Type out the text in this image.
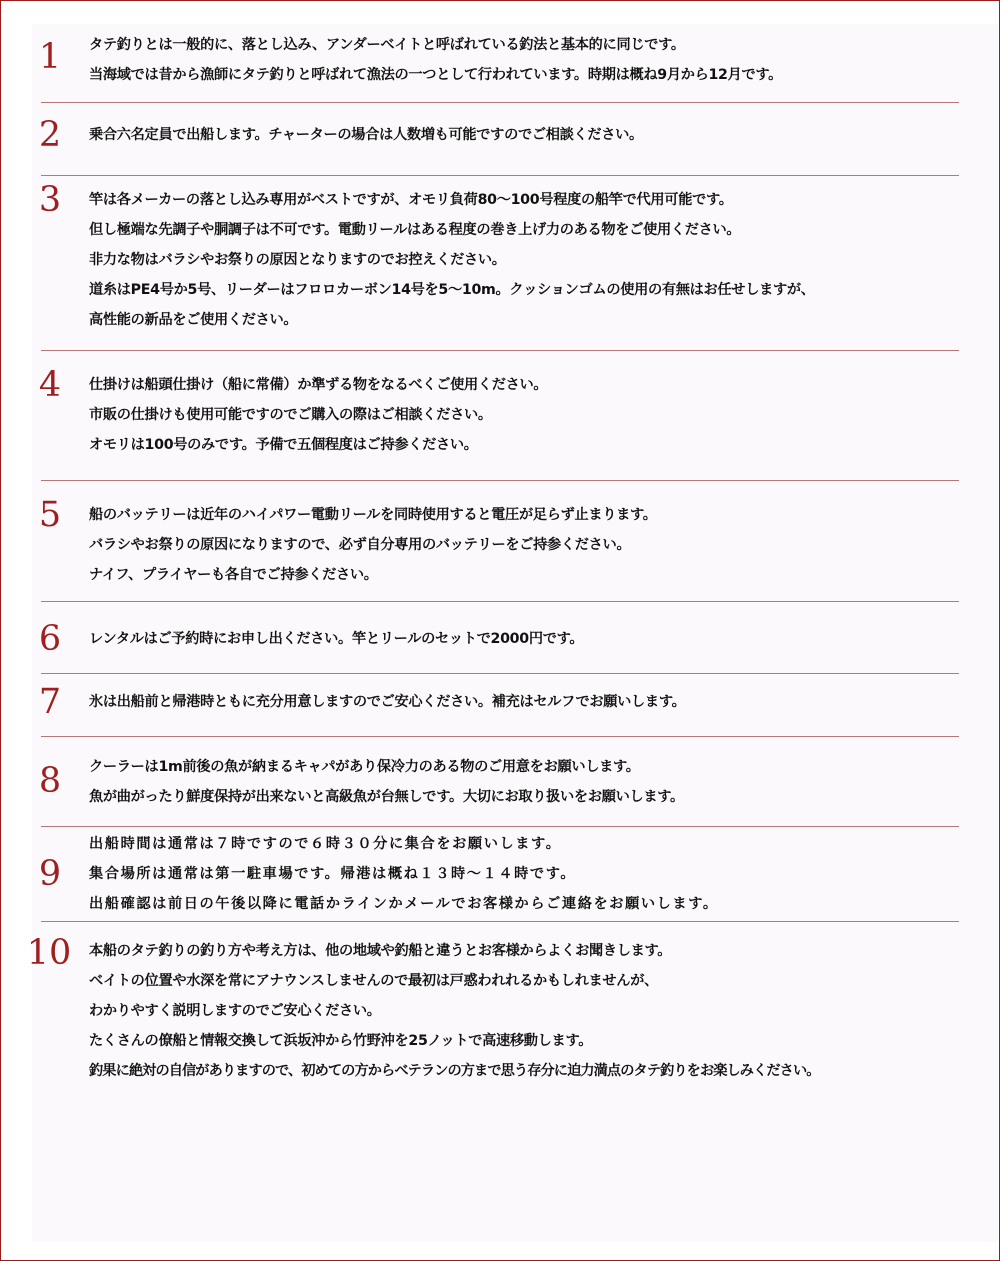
1	タテ釣りとは一般的に、落とし込み、アンダーベイトと呼ばれている釣法と基本的に同じです。
当海域では昔から漁師にタテ釣りと呼ばれて漁法の一つとして行われています。時期は概ね9月から12月です。
2	乗合六名定員で出船します。チャーターの場合は人数増も可能ですのでご相談ください。
3	竿は各メーカーの落とし込み専用がベストですが、オモリ負荷80～100号程度の船竿で代用可能です。
但し極端な先調子や胴調子は不可です。電動リールはある程度の巻き上げ力のある物をご使用ください。
非力な物はバラシやお祭りの原因となりますのでお控えください。
道糸はPE4号か5号、リーダーはフロロカーボン14号を5～10m。クッションゴムの使用の有無はお任せしますが、
高性能の新品をご使用ください。
4	仕掛けは船頭仕掛け（船に常備）か準ずる物をなるべくご使用ください。
市販の仕掛けも使用可能ですのでご購入の際はご相談ください。
オモリは100号のみです。予備で五個程度はご持参ください。
5	船のバッテリーは近年のハイパワー電動リールを同時使用すると電圧が足らず止まります。
バラシやお祭りの原因になりますので、必ず自分専用のバッテリーをご持参ください。
ナイフ、プライヤーも各自でご持参ください。
6	レンタルはご予約時にお申し出ください。竿とリールのセットで2000円です。
7	氷は出船前と帰港時ともに充分用意しますのでご安心ください。補充はセルフでお願いします。
8	クーラーは1m前後の魚が納まるキャパがあり保冷力のある物のご用意をお願いします。
魚が曲がったり鮮度保持が出来ないと高級魚が台無しです。大切にお取り扱いをお願いします。
9
出船時間は通常は７時ですので６時３０分に集合をお願いします。
集合場所は通常は第一駐車場です。帰港は概ね１３時～１４時です。
出船確認は前日の午後以降に電話かラインかメールでお客様からご連絡をお願いします。
10	本船のタテ釣りの釣り方や考え方は、他の地域や釣船と違うとお客様からよくお聞きします。
ベイトの位置や水深を常にアナウンスしませんので最初は戸惑われれるかもしれませんが、
わかりやすく説明しますのでご安心ください。
たくさんの僚船と情報交換して浜坂沖から竹野沖を25ノットで高速移動します。
釣果に絶対の自信がありますので、初めての方からベテランの方まで思う存分に迫力満点のタテ釣りをお楽しみください。
